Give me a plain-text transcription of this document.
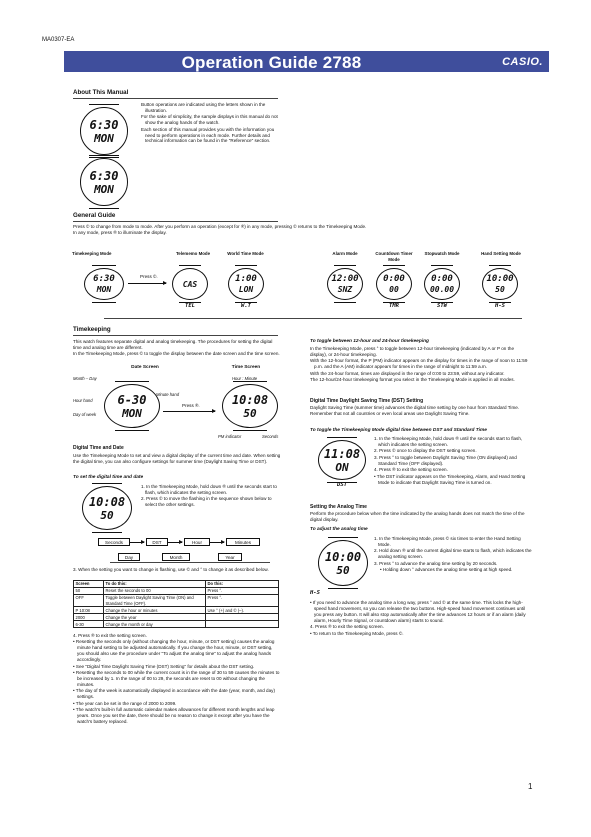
MA0307-EA
Operation Guide 2788	CASIO.
About This Manual
6:30
MON
6:30
MON

Button operations are indicated using the letters shown in the illustration.

For the sake of simplicity, the sample displays in this manual do not show the analog hands of the watch.

Each section of this manual provides you with the information you need to perform operations in each mode. Further details and technical information can be found in the "Reference" section.

General Guide

Press © to change from mode to mode. After you perform an operation (except for ®) in any mode, pressing © returns to the Timekeeping Mode.

In any mode, press ® to illuminate the display.

Timekeeping Mode	Telememo Mode	World Time Mode	Alarm Mode	Countdown Timer Mode
Stopwatch Mode	Hand Setting Mode
6:30
MON
Press ©.
CAS
TEL
1:00
LON
W.T
12:00
SNZ
0:00
00
TMR
0:00
00.00
STW
10:00
50
H-S
Timekeeping

This watch features separate digital and analog timekeeping. The procedures for setting the digital time and analog time are different.

In the Timekeeping Mode, press © to toggle the display between the date screen and the time screen.

Date Screen	Time Screen
Month – Day	Hour : Minute
Hour hand
Minute hand
Day of week
6-30
MON
Press ®.	10:08
50
PM indicator	Seconds
Digital Time and Date
Use the Timekeeping Mode to set and view a digital display of the current time and date. When setting the digital time, you can also configure settings for summer time (Daylight Saving Time or DST).
To set the digital time and date
10:08
50

1. In the Timekeeping Mode, hold down ® until the seconds start to flash, which indicates the setting screen.

2. Press © to move the flashing in the sequence shown below to select the other settings.

Seconds	DST	Hour	Minutes
Day	Month	Year
3. When the setting you want to change is flashing, use © and ° to change it as described below.
Screen	To do this:	Do this:
50	Reset the seconds to 00	Press °.
OFF	Toggle between Daylight Saving Time (ON) and Standard Time (OFF).	Press °.
P 10:08	Change the hour or minutes	Use ° (+) and © (–).
2000	Change the year	
6-30	Change the month or day	

4. Press ® to exit the setting screen.

• Resetting the seconds only (without changing the hour, minute, or DST setting) causes the analog minute hand setting to be adjusted automatically. If you change the hour, minute, or DST setting, you should also use the procedure under "To adjust the analog time" to adjust the analog hands accordingly.

• See "Digital Time Daylight Saving Time (DST) Setting" for details about the DST setting.

• Resetting the seconds to 00 while the current count is in the range of 30 to 59 causes the minutes to be increased by 1. In the range of 00 to 29, the seconds are reset to 00 without changing the minutes.

• The day of the week is automatically displayed in accordance with the date (year, month, and day) settings.

• The year can be set in the range of 2000 to 2099.

• The watch's built-in full automatic calendar makes allowances for different month lengths and leap years. Once you set the date, there should be no reason to change it except after you have the watch's battery replaced.

To toggle between 12-hour and 24-hour timekeeping

In the Timekeeping Mode, press ° to toggle between 12-hour timekeeping (indicated by A or P on the display), or 24-hour timekeeping.

With the 12-hour format, the P (PM) indicator appears on the display for times in the range of noon to 11:59 p.m. and the A (AM) indicator appears for times in the range of midnight to 11:59 a.m.

With the 24-hour format, times are displayed in the range of 0:00 to 23:59, without any indicator.

The 12-hour/24-hour timekeeping format you select in the Timekeeping Mode is applied in all modes.

Digital Time Daylight Saving Time (DST) Setting
Daylight Saving Time (summer time) advances the digital time setting by one hour from Standard Time. Remember that not all countries or even local areas use Daylight Saving Time.
To toggle the Timekeeping Mode digital time between DST and Standard Time
11:08
ON
DST

1. In the Timekeeping Mode, hold down ® until the seconds start to flash, which indicates the setting screen.

2. Press © once to display the DST setting screen.

3. Press ° to toggle between Daylight Saving Time (ON displayed) and Standard Time (OFF displayed).

4. Press ® to exit the setting screen.

• The DST indicator appears on the Timekeeping, Alarm, and Hand Setting Mode to indicate that Daylight Saving Time is turned on.

Setting the Analog Time
Perform the procedure below when the time indicated by the analog hands does not match the time of the digital display.
To adjust the analog time
10:00
50
H-S

1. In the Timekeeping Mode, press © six times to enter the Hand Setting Mode.

2. Hold down ® until the current digital time starts to flash, which indicates the analog setting screen.

3. Press ° to advance the analog time setting by 20 seconds.

• Holding down ° advances the analog time setting at high speed.

• If you need to advance the analog time a long way, press ° and © at the same time. This locks the high-speed hand movement, so you can release the two buttons. High-speed hand movement continues until you press any button. It will also stop automatically after the time advances 12 hours or if an alarm (daily alarm, Hourly Time Signal, or countdown alarm) starts to sound.

4. Press ® to exit the setting screen.

• To return to the Timekeeping Mode, press ©.

1
